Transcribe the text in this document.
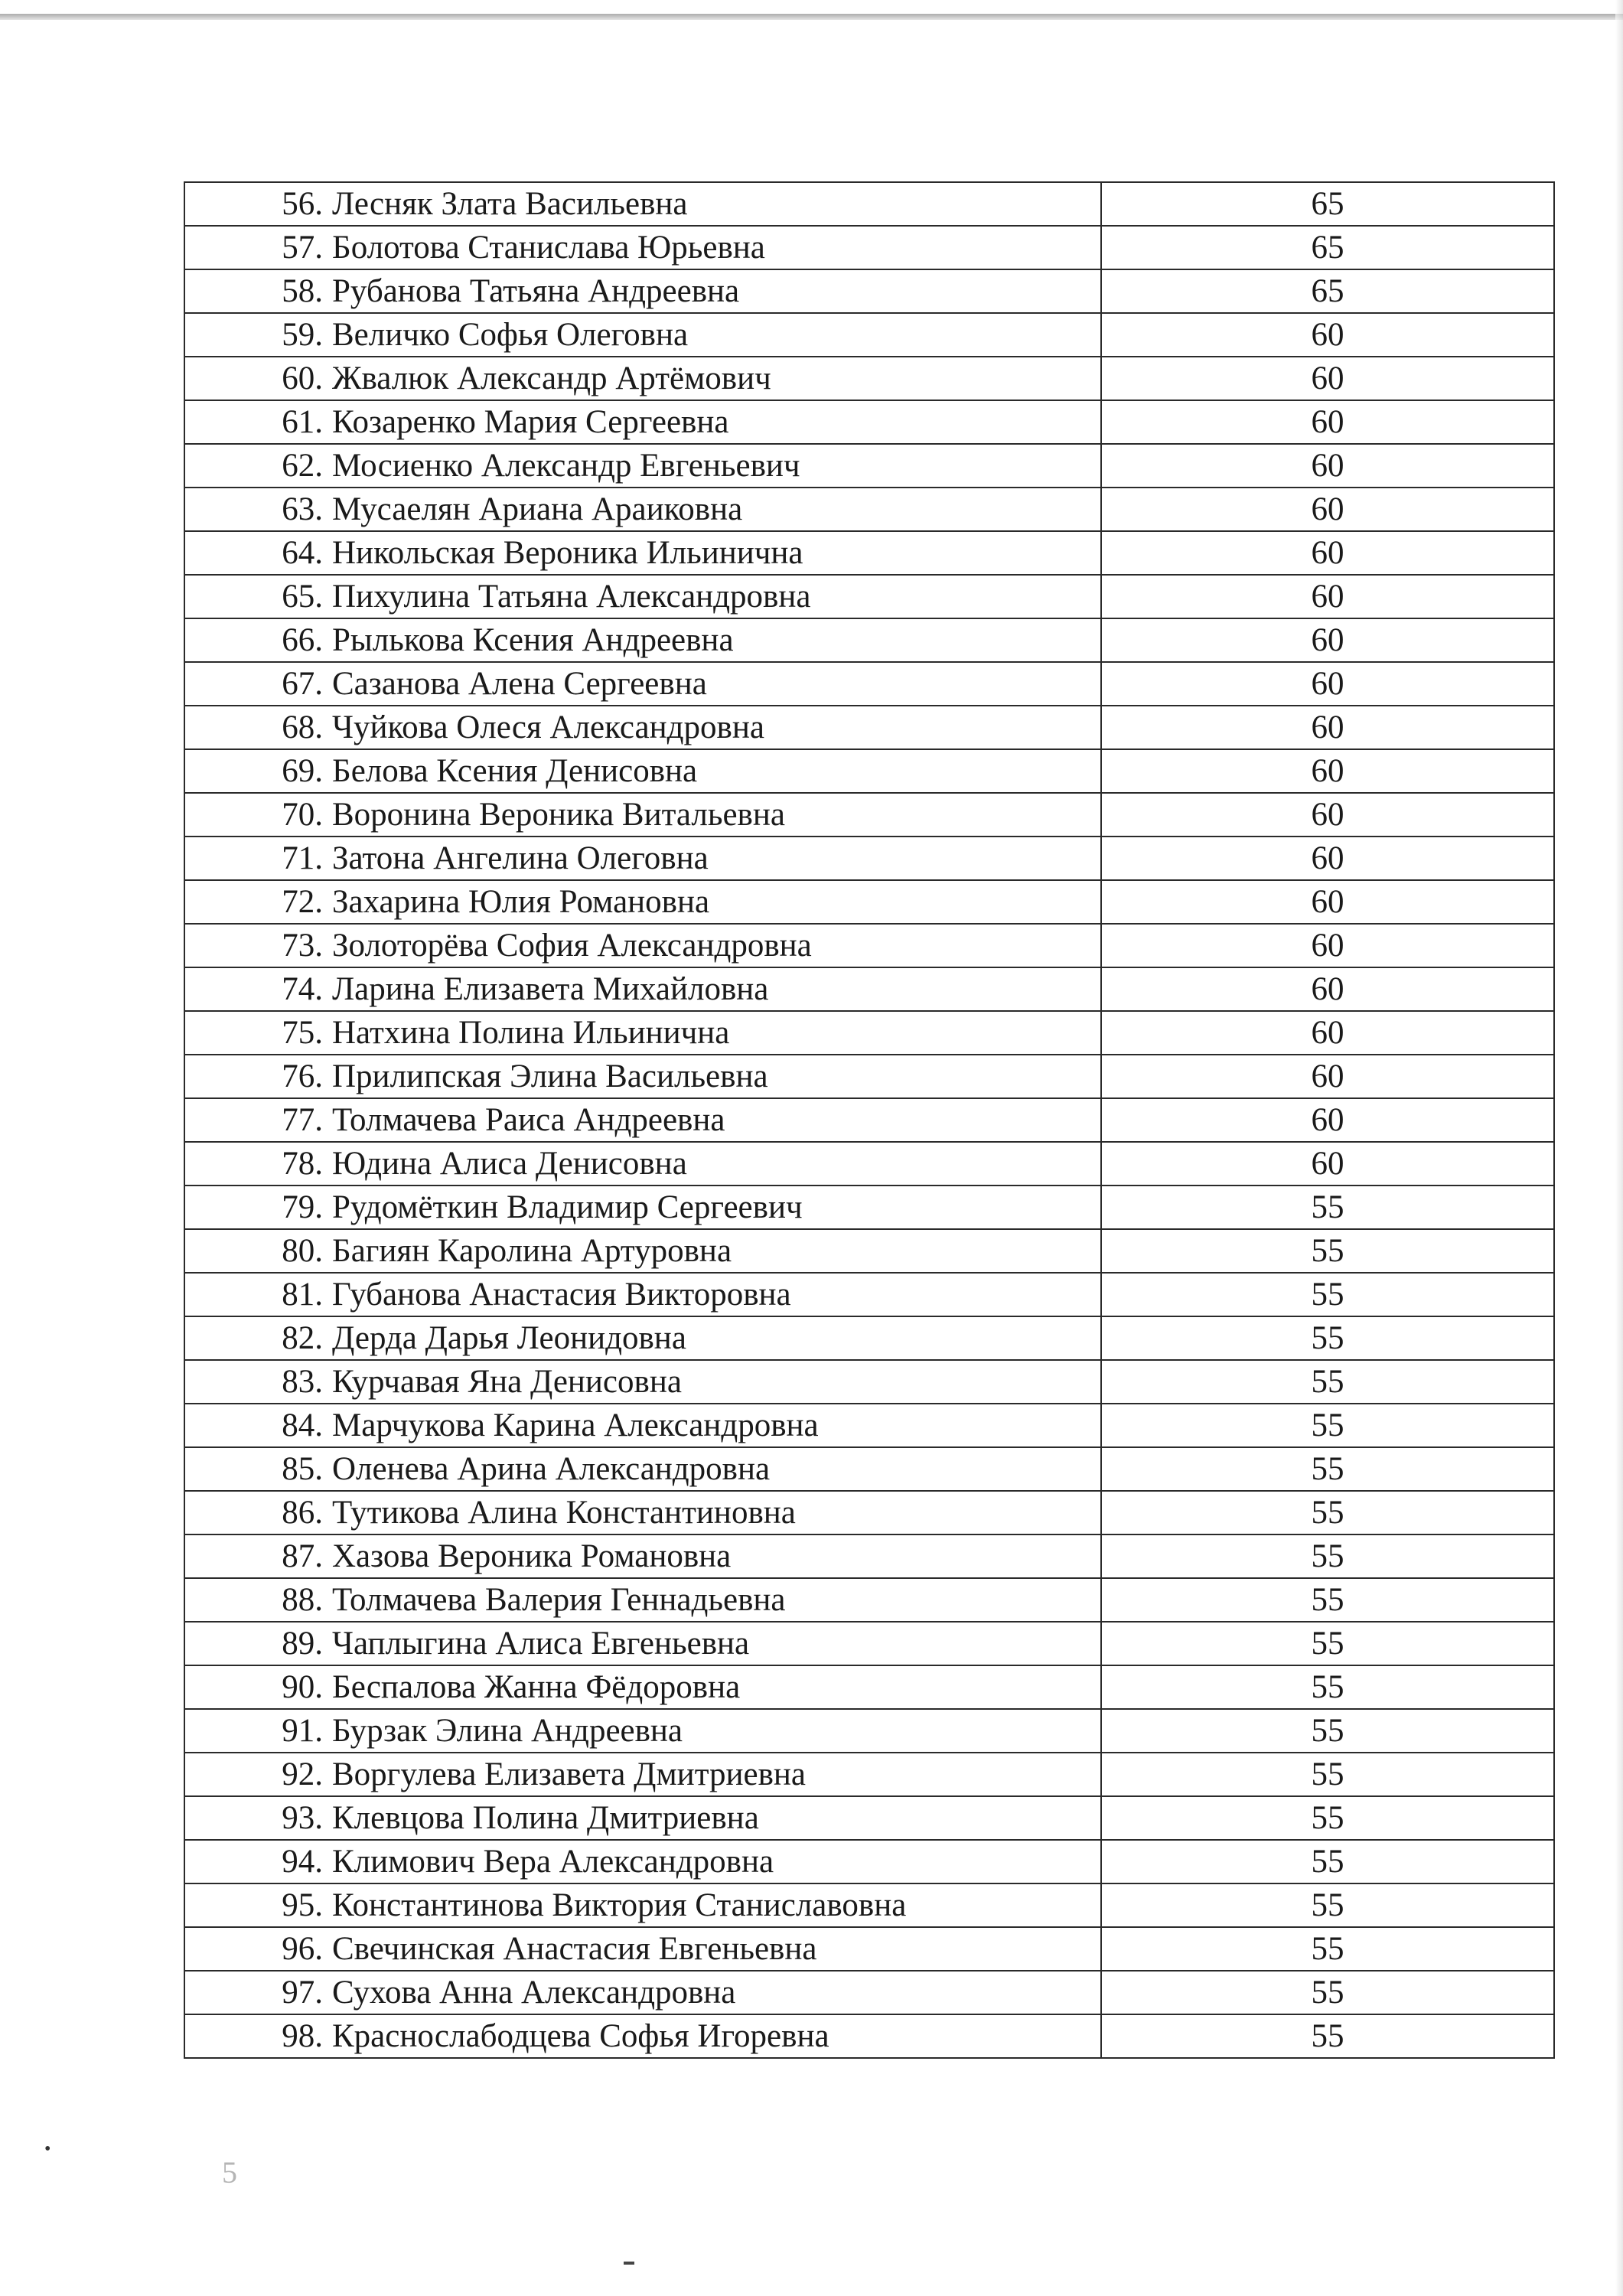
56. Лесняк Злата Васильевна	65
57. Болотова Станислава Юрьевна	65
58. Рубанова Татьяна Андреевна	65
59. Величко Софья Олеговна	60
60. Жвалюк Александр Артёмович	60
61. Козаренко Мария Сергеевна	60
62. Мосиенко Александр Евгеньевич	60
63. Мусаелян Ариана Араиковна	60
64. Никольская Вероника Ильинична	60
65. Пихулина Татьяна Александровна	60
66. Рылькова Ксения Андреевна	60
67. Сазанова Алена Сергеевна	60
68. Чуйкова Олеся Александровна	60
69. Белова Ксения Денисовна	60
70. Воронина Вероника Витальевна	60
71. Затона Ангелина Олеговна	60
72. Захарина Юлия Романовна	60
73. Золоторёва София Александровна	60
74. Ларина Елизавета Михайловна	60
75. Натхина Полина Ильинична	60
76. Прилипская Элина Васильевна	60
77. Толмачева Раиса Андреевна	60
78. Юдина Алиса Денисовна	60
79. Рудомёткин Владимир Сергеевич	55
80. Багиян Каролина Артуровна	55
81. Губанова Анастасия Викторовна	55
82. Дерда Дарья Леонидовна	55
83. Курчавая Яна Денисовна	55
84. Марчукова Карина Александровна	55
85. Оленева Арина Александровна	55
86. Тутикова Алина Константиновна	55
87. Хазова Вероника Романовна	55
88. Толмачева Валерия Геннадьевна	55
89. Чаплыгина Алиса Евгеньевна	55
90. Беспалова Жанна Фёдоровна	55
91. Бурзак Элина Андреевна	55
92. Воргулева Елизавета Дмитриевна	55
93. Клевцова Полина Дмитриевна	55
94. Климович Вера Александровна	55
95. Константинова Виктория Станиславовна	55
96. Свечинская Анастасия Евгеньевна	55
97. Сухова Анна Александровна	55
98. Краснослабодцева Софья Игоревна	55
•
5
